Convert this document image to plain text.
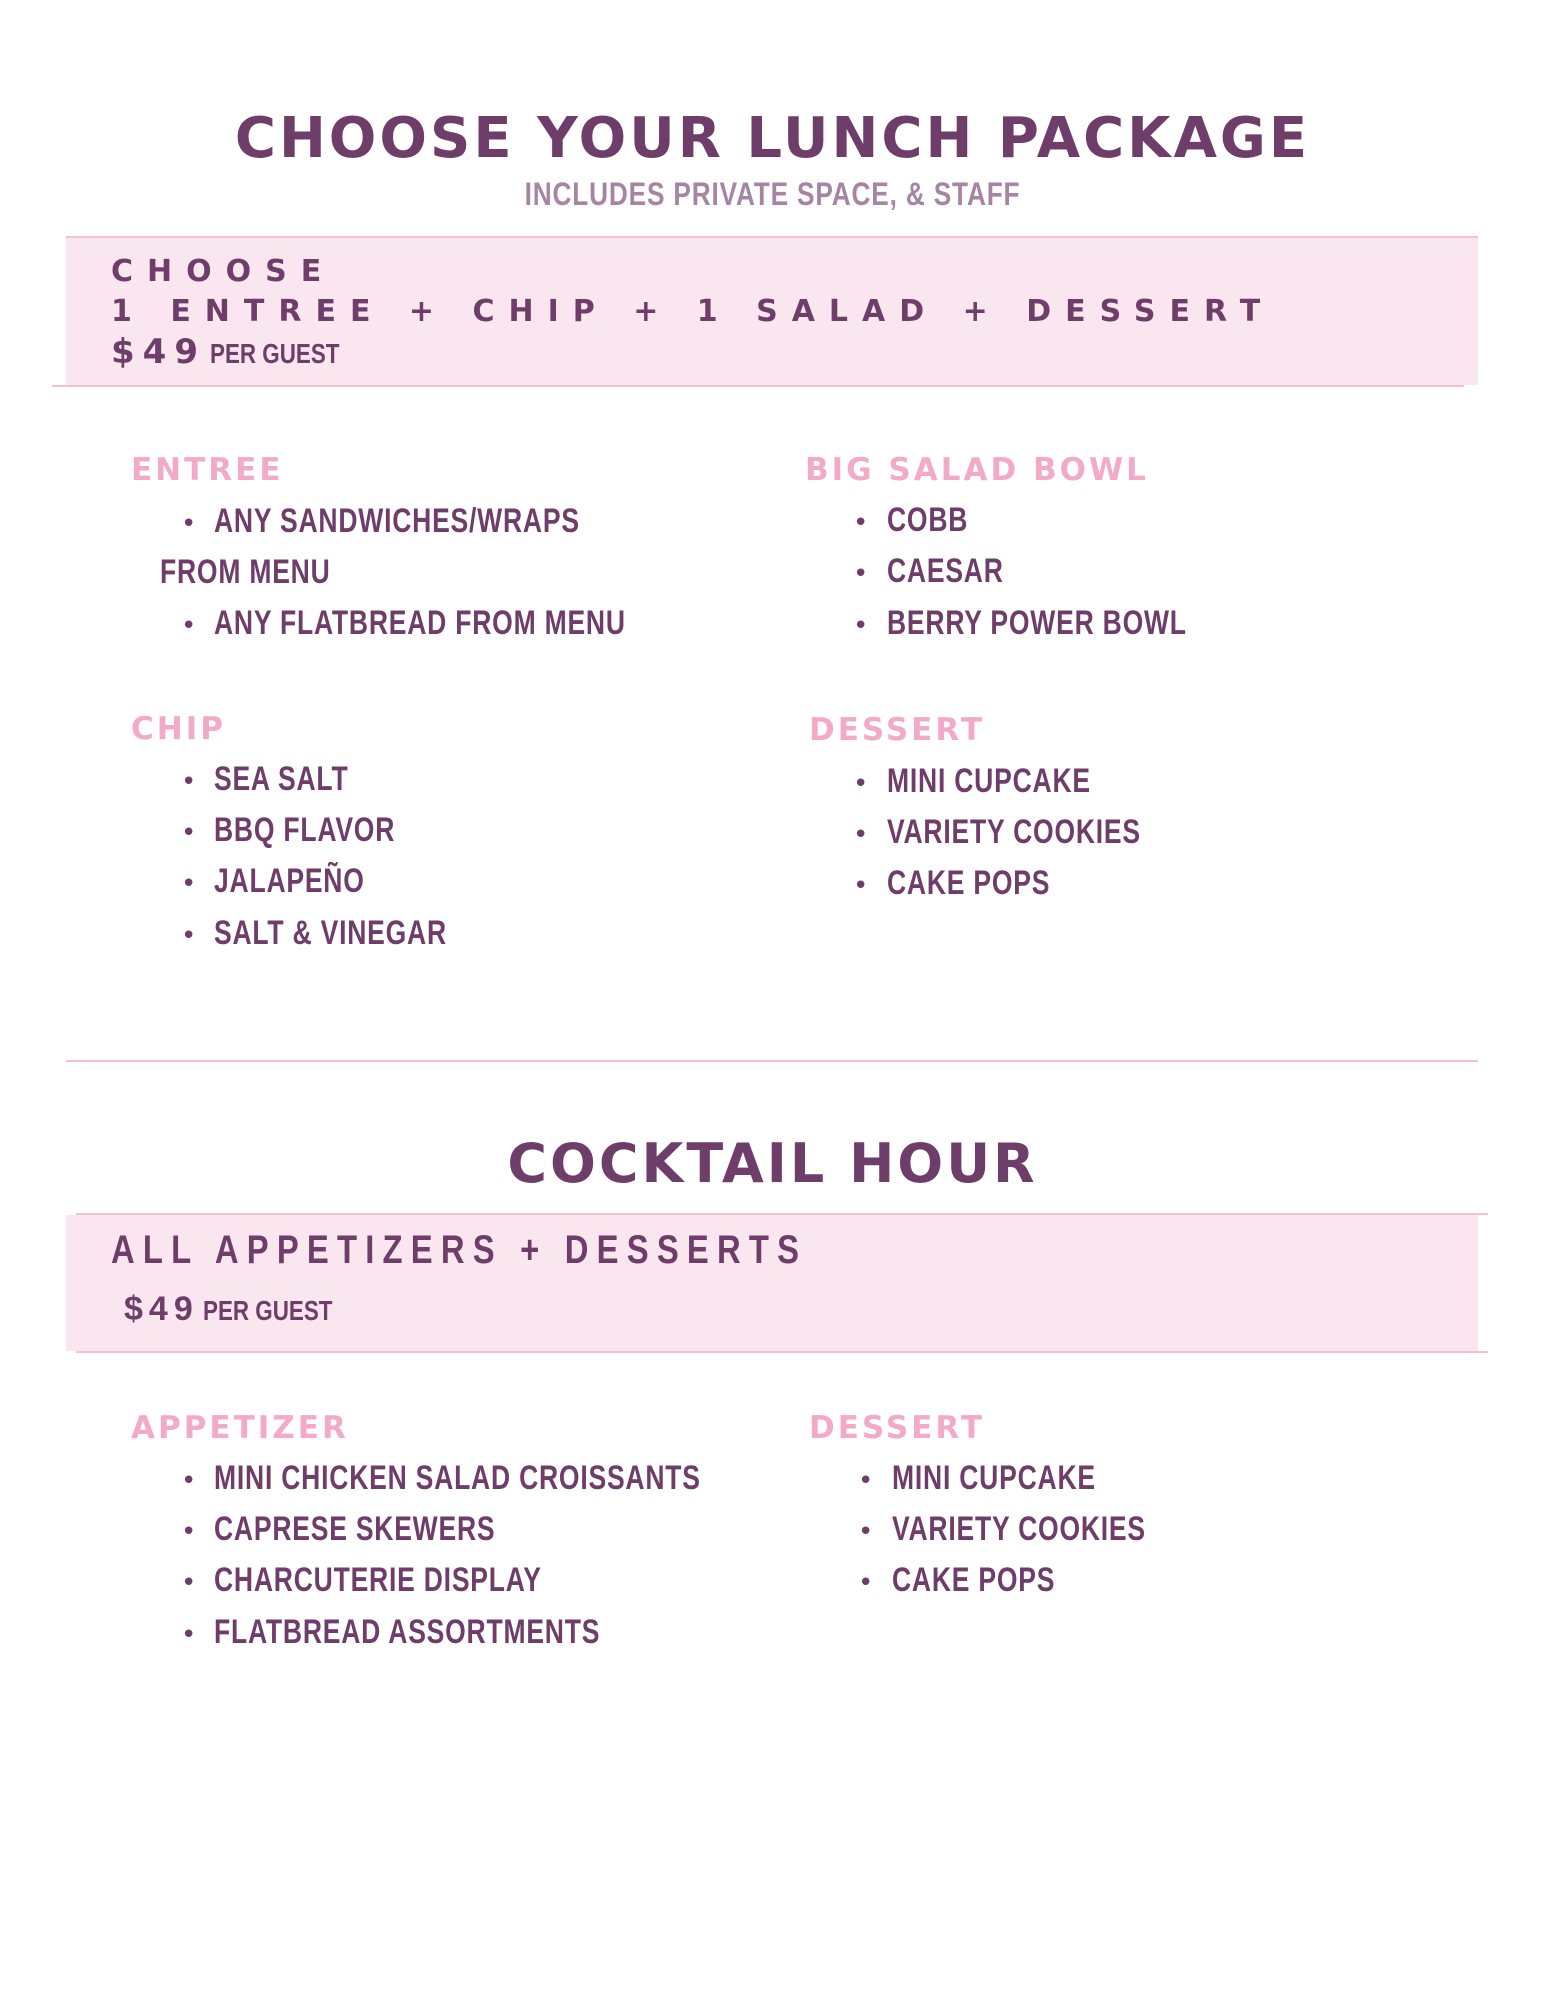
CHOOSE YOUR LUNCH PACKAGE
INCLUDES PRIVATE SPACE, & STAFF
CHOOSE
1 ENTREE + CHIP + 1 SALAD + DESSERT
$49 PER GUEST
ENTREE
• ANY SANDWICHES/WRAPS
FROM MENU
• ANY FLATBREAD FROM MENU
BIG SALAD BOWL
• COBB
• CAESAR
• BERRY POWER BOWL
CHIP
• SEA SALT
• BBQ FLAVOR
• JALAPEÑO
• SALT & VINEGAR
DESSERT
• MINI CUPCAKE
• VARIETY COOKIES
• CAKE POPS
COCKTAIL HOUR
ALL APPETIZERS + DESSERTS
$49 PER GUEST
APPETIZER
• MINI CHICKEN SALAD CROISSANTS
• CAPRESE SKEWERS
• CHARCUTERIE DISPLAY
• FLATBREAD ASSORTMENTS
DESSERT
• MINI CUPCAKE
• VARIETY COOKIES
• CAKE POPS
